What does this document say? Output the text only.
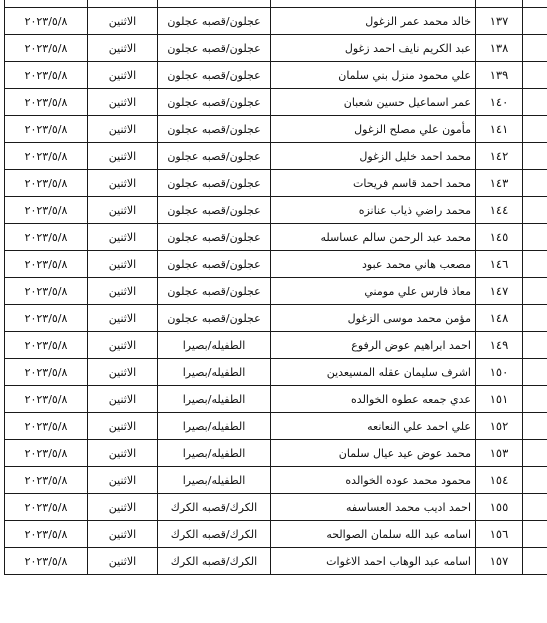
	١٣٧	خالد محمد عمر الزغول	عجلون/قصبه عجلون	الاثنين	٢٠٢٣/٥/٨
	١٣٨	عبد الكريم نايف احمد زغول	عجلون/قصبه عجلون	الاثنين	٢٠٢٣/٥/٨
	١٣٩	علي محمود منزل بني سلمان	عجلون/قصبه عجلون	الاثنين	٢٠٢٣/٥/٨
	١٤٠	عمر اسماعيل حسين شعبان	عجلون/قصبه عجلون	الاثنين	٢٠٢٣/٥/٨
	١٤١	مأمون علي مصلح الزغول	عجلون/قصبه عجلون	الاثنين	٢٠٢٣/٥/٨
	١٤٢	محمد احمد خليل الزغول	عجلون/قصبه عجلون	الاثنين	٢٠٢٣/٥/٨
	١٤٣	محمد احمد قاسم فريحات	عجلون/قصبه عجلون	الاثنين	٢٠٢٣/٥/٨
	١٤٤	محمد راضي ذياب عنانزه	عجلون/قصبه عجلون	الاثنين	٢٠٢٣/٥/٨
	١٤٥	محمد عبد الرحمن سالم عساسله	عجلون/قصبه عجلون	الاثنين	٢٠٢٣/٥/٨
	١٤٦	مصعب هاني محمد عبود	عجلون/قصبه عجلون	الاثنين	٢٠٢٣/٥/٨
	١٤٧	معاذ فارس علي مومني	عجلون/قصبه عجلون	الاثنين	٢٠٢٣/٥/٨
	١٤٨	مؤمن محمد موسى الزغول	عجلون/قصبه عجلون	الاثنين	٢٠٢٣/٥/٨
	١٤٩	احمد ابراهيم عوض الرفوع	الطفيله/بصيرا	الاثنين	٢٠٢٣/٥/٨
	١٥٠	اشرف سليمان عقله المسيعدين	الطفيله/بصيرا	الاثنين	٢٠٢٣/٥/٨
	١٥١	عدي جمعه عطوه الخوالده	الطفيله/بصيرا	الاثنين	٢٠٢٣/٥/٨
	١٥٢	علي احمد علي النعانعه	الطفيله/بصيرا	الاثنين	٢٠٢٣/٥/٨
	١٥٣	محمد عوض عيد عيال سلمان	الطفيله/بصيرا	الاثنين	٢٠٢٣/٥/٨
	١٥٤	محمود محمد عوده الخوالده	الطفيله/بصيرا	الاثنين	٢٠٢٣/٥/٨
	١٥٥	احمد اديب محمد العساسفه	الكرك/قصبه الكرك	الاثنين	٢٠٢٣/٥/٨
	١٥٦	اسامه عبد الله سلمان الصوالحه	الكرك/قصبه الكرك	الاثنين	٢٠٢٣/٥/٨
	١٥٧	اسامه عبد الوهاب احمد الاغوات	الكرك/قصبه الكرك	الاثنين	٢٠٢٣/٥/٨
